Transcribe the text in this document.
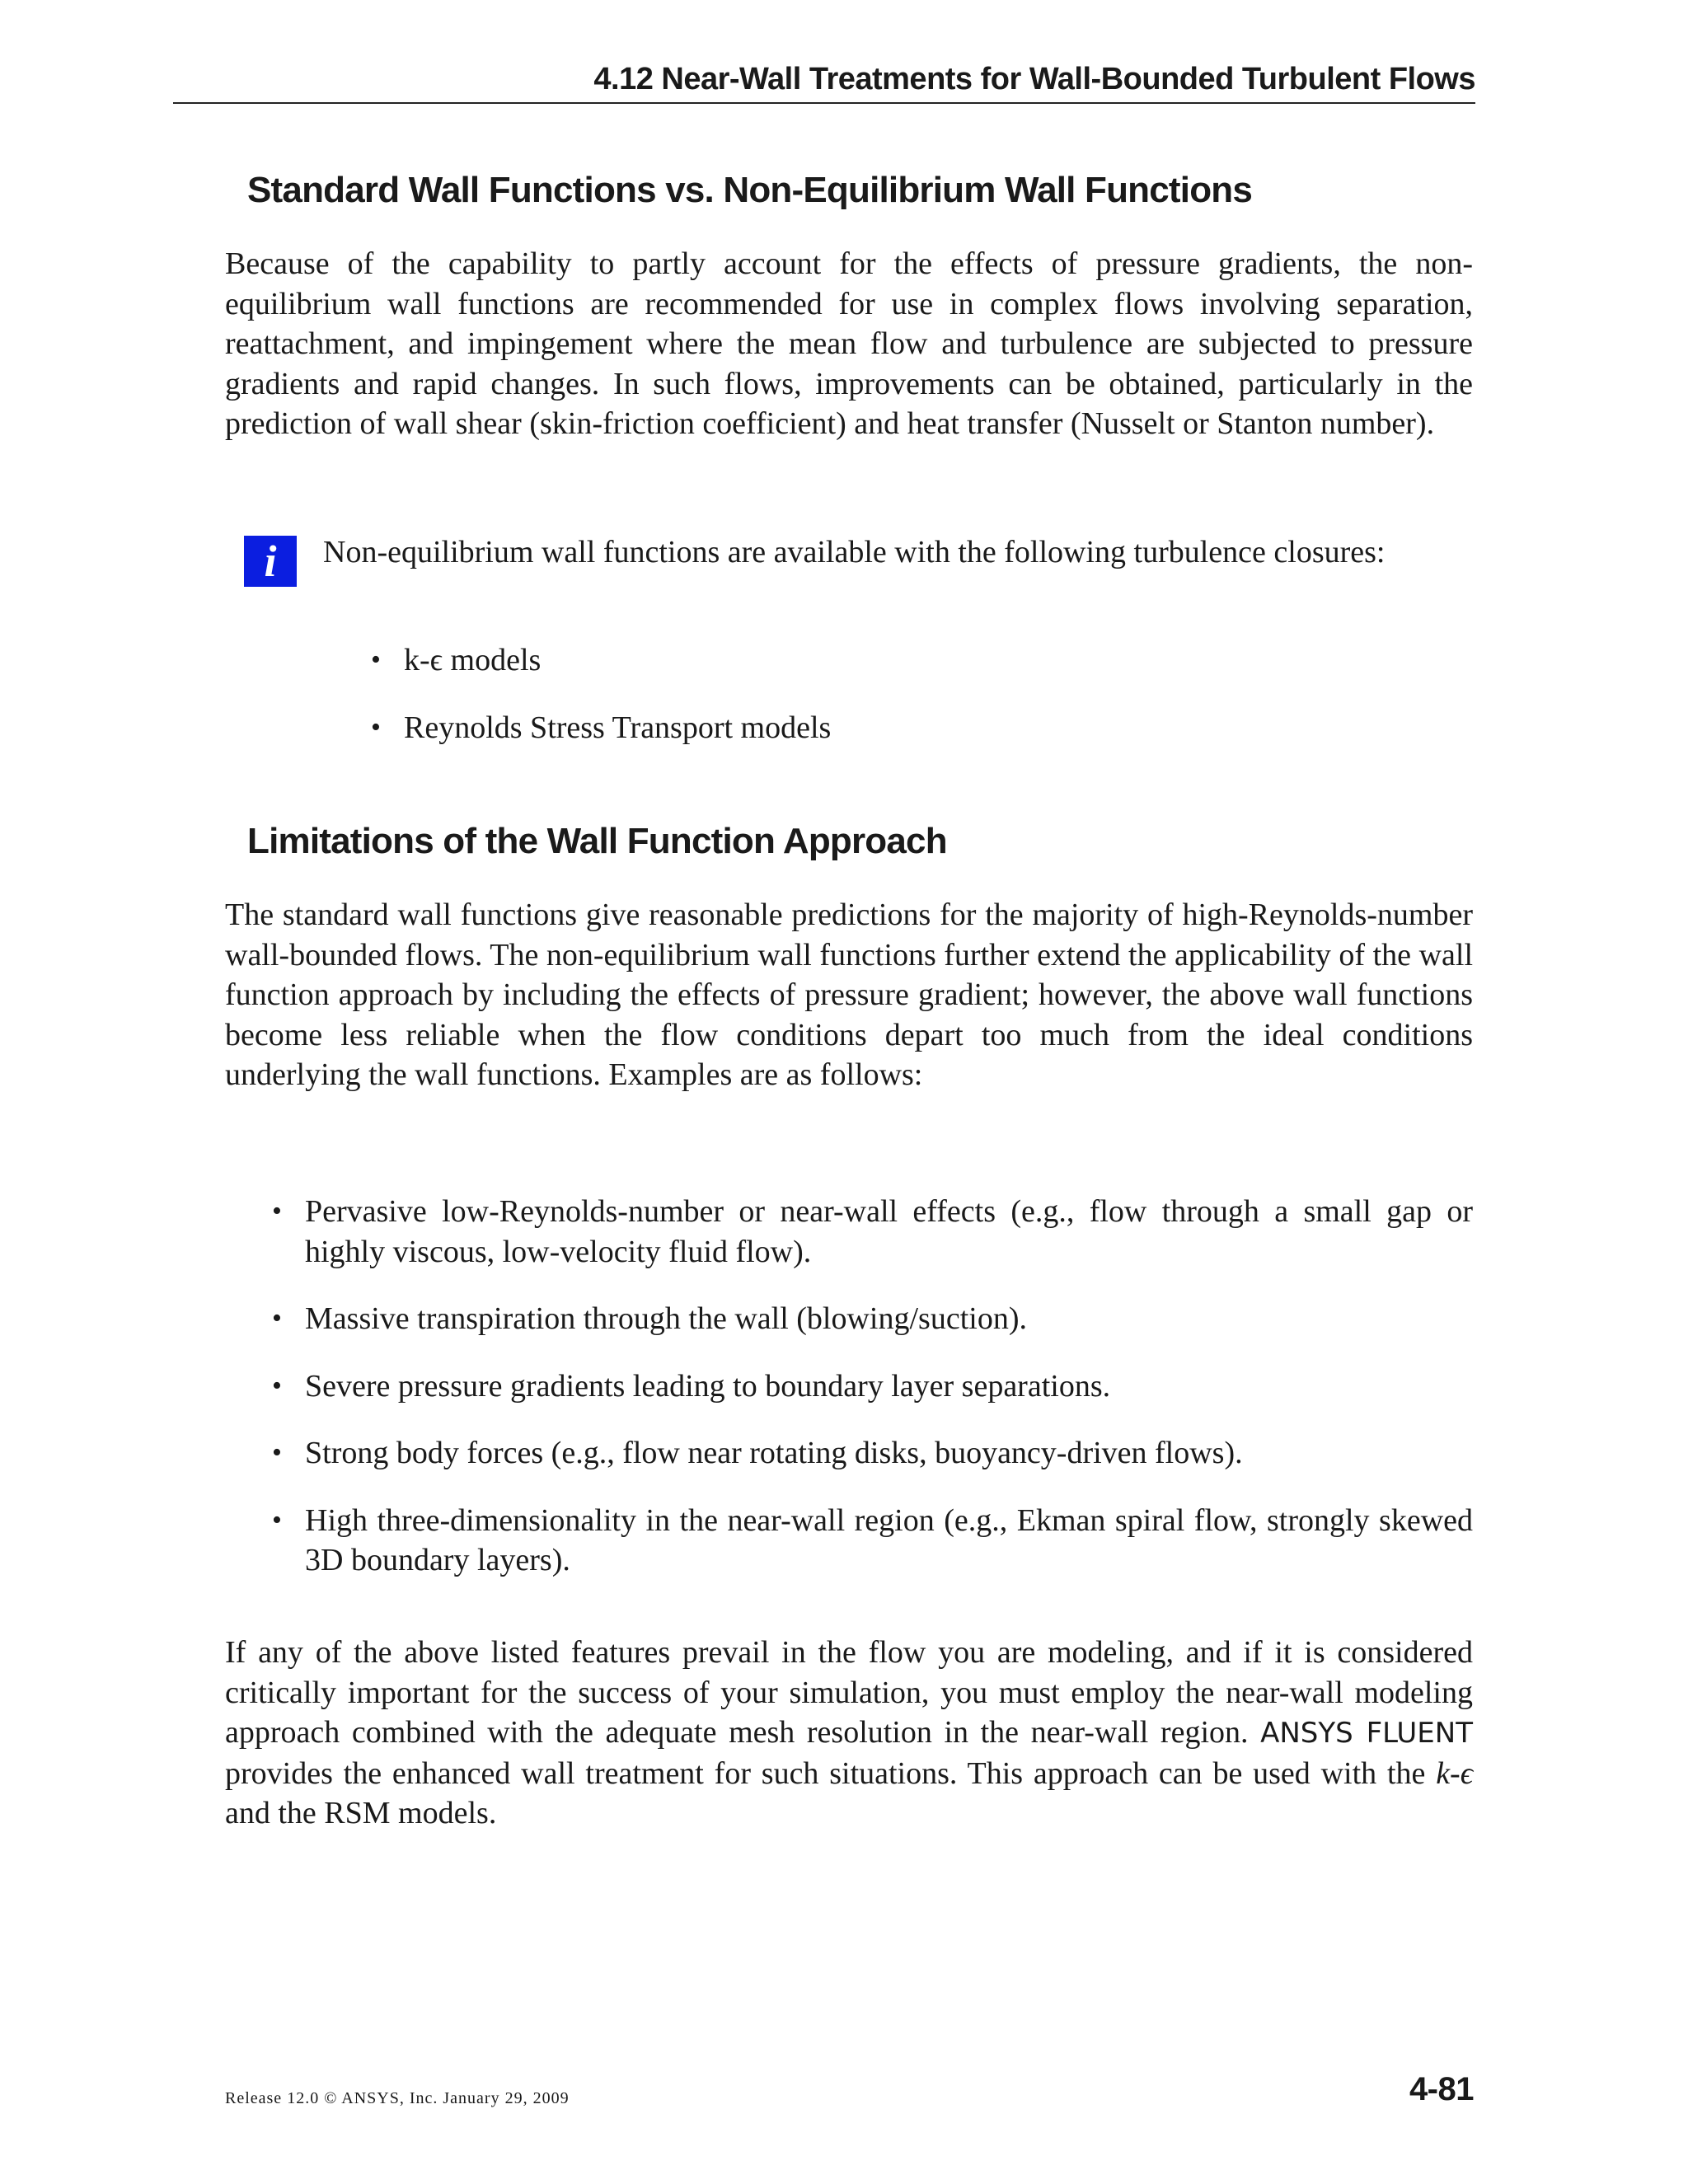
4.12 Near-Wall Treatments for Wall-Bounded Turbulent Flows
Standard Wall Functions vs. Non-Equilibrium Wall Functions

Because of the capability to partly account for the effects of pressure gradients, the non-equilibrium wall functions are recommended for use in complex flows involving separation, reattachment, and impingement where the mean flow and turbulence are subjected to pressure gradients and rapid changes. In such flows, improvements can be obtained, particularly in the prediction of wall shear (skin-friction coefficient) and heat transfer (Nusselt or Stanton number).

i	Non-equilibrium wall functions are available with the following turbulence closures:

• k-ϵ models
• Reynolds Stress Transport models
Limitations of the Wall Function Approach

The standard wall functions give reasonable predictions for the majority of high-Reynolds-number wall-bounded flows. The non-equilibrium wall functions further extend the applicability of the wall function approach by including the effects of pressure gradient; however, the above wall functions become less reliable when the flow conditions depart too much from the ideal conditions underlying the wall functions. Examples are as follows:

• Pervasive low-Reynolds-number or near-wall effects (e.g., flow through a small gap or highly viscous, low-velocity fluid flow).
• Massive transpiration through the wall (blowing/suction).
• Severe pressure gradients leading to boundary layer separations.
• Strong body forces (e.g., flow near rotating disks, buoyancy-driven flows).
• High three-dimensionality in the near-wall region (e.g., Ekman spiral flow, strongly skewed 3D boundary layers).

If any of the above listed features prevail in the flow you are modeling, and if it is considered critically important for the success of your simulation, you must employ the near-wall modeling approach combined with the adequate mesh resolution in the near-wall region. ANSYS FLUENT provides the enhanced wall treatment for such situations. This approach can be used with the k-ϵ and the RSM models.

Release 12.0 © ANSYS, Inc. January 29, 2009	4-81
